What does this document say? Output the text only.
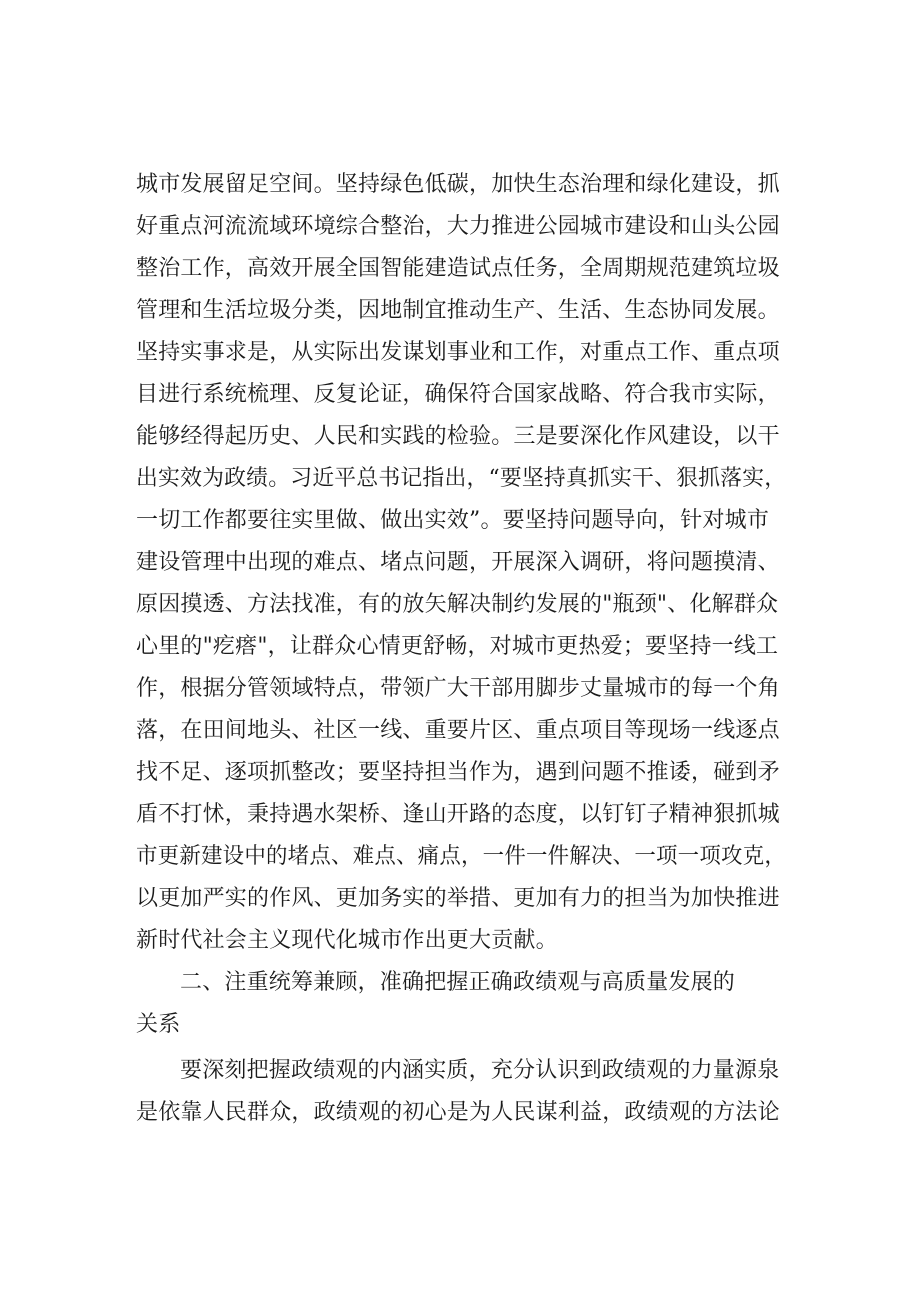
城市发展留足空间。坚持绿色低碳，加快生态治理和绿化建设，抓
好重点河流流域环境综合整治，大力推进公园城市建设和山头公园
整治工作，高效开展全国智能建造试点任务，全周期规范建筑垃圾
管理和生活垃圾分类，因地制宜推动生产、生活、生态协同发展。
坚持实事求是，从实际出发谋划事业和工作，对重点工作、重点项
目进行系统梳理、反复论证，确保符合国家战略、符合我市实际，
能够经得起历史、人民和实践的检验。三是要深化作风建设，以干
出实效为政绩。习近平总书记指出，“要坚持真抓实干、狠抓落实，
一切工作都要往实里做、做出实效”。要坚持问题导向，针对城市
建设管理中出现的难点、堵点问题，开展深入调研，将问题摸清、
原因摸透、方法找准，有的放矢解决制约发展的"瓶颈"、化解群众
心里的"疙瘩"，让群众心情更舒畅，对城市更热爱；要坚持一线工
作，根据分管领域特点，带领广大干部用脚步丈量城市的每一个角
落，在田间地头、社区一线、重要片区、重点项目等现场一线逐点
找不足、逐项抓整改；要坚持担当作为，遇到问题不推诿，碰到矛
盾不打怵，秉持遇水架桥、逢山开路的态度，以钉钉子精神狠抓城
市更新建设中的堵点、难点、痛点，一件一件解决、一项一项攻克，
以更加严实的作风、更加务实的举措、更加有力的担当为加快推进
新时代社会主义现代化城市作出更大贡献。
二、注重统筹兼顾，准确把握正确政绩观与高质量发展的
关系
要深刻把握政绩观的内涵实质，充分认识到政绩观的力量源泉
是依靠人民群众，政绩观的初心是为人民谋利益，政绩观的方法论
